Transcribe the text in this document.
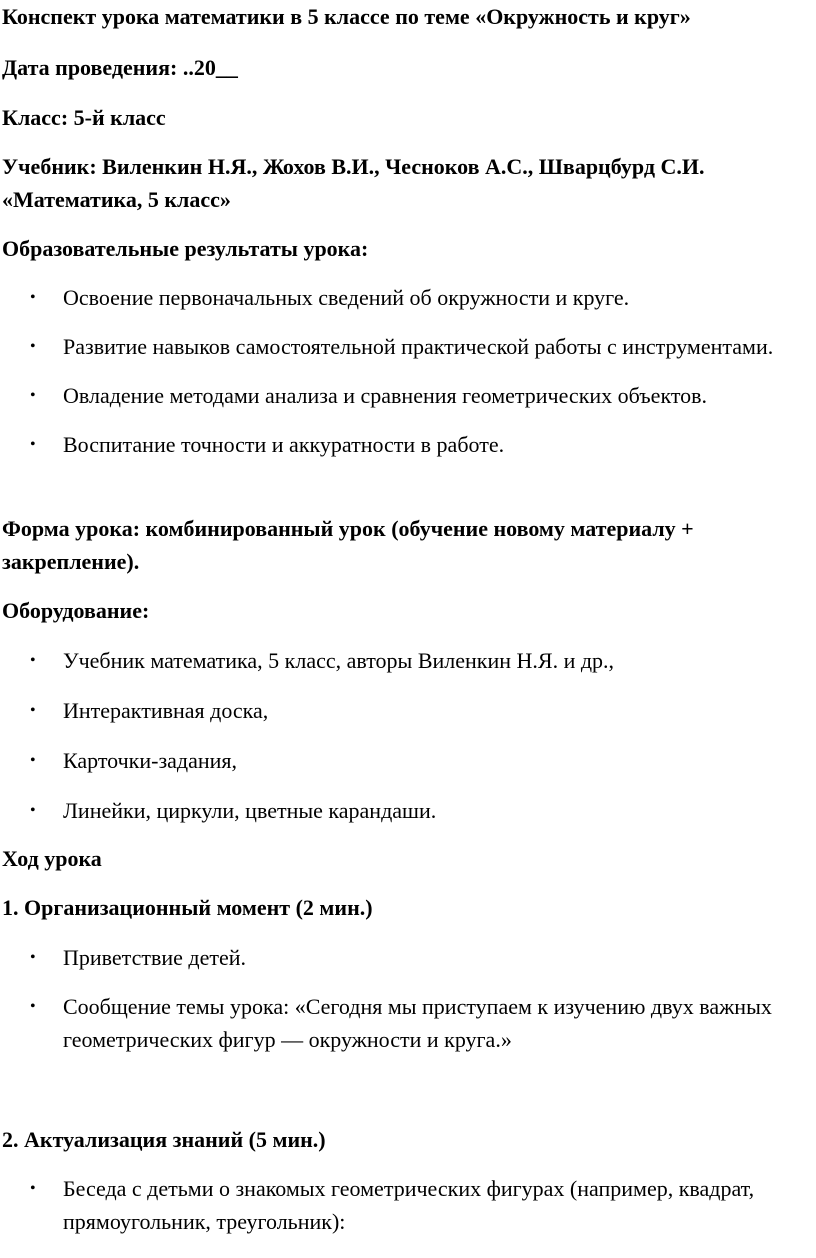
Конспект урока математики в 5 классе по теме «Окружность и круг»

Дата проведения: ..20__

Класс: 5-й класс

Учебник: Виленкин Н.Я., Жохов В.И., Чесноков А.С., Шварцбурд С.И.

«Математика, 5 класс»

Образовательные результаты урока:

• Освоение первоначальных сведений об окружности и круге.
• Развитие навыков самостоятельной практической работы с инструментами.
• Овладение методами анализа и сравнения геометрических объектов.
• Воспитание точности и аккуратности в работе.

Форма урока: комбинированный урок (обучение новому материалу +

закрепление).

Оборудование:

• Учебник математика, 5 класс, авторы Виленкин Н.Я. и др.,
• Интерактивная доска,
• Карточки-задания,
• Линейки, циркули, цветные карандаши.

Ход урока

1. Организационный момент (2 мин.)

• Приветствие детей.
• Сообщение темы урока: «Сегодня мы приступаем к изучению двух важных геометрических фигур — окружности и круга.»

2. Актуализация знаний (5 мин.)

• Беседа с детьми о знакомых геометрических фигурах (например, квадрат, прямоугольник, треугольник):
